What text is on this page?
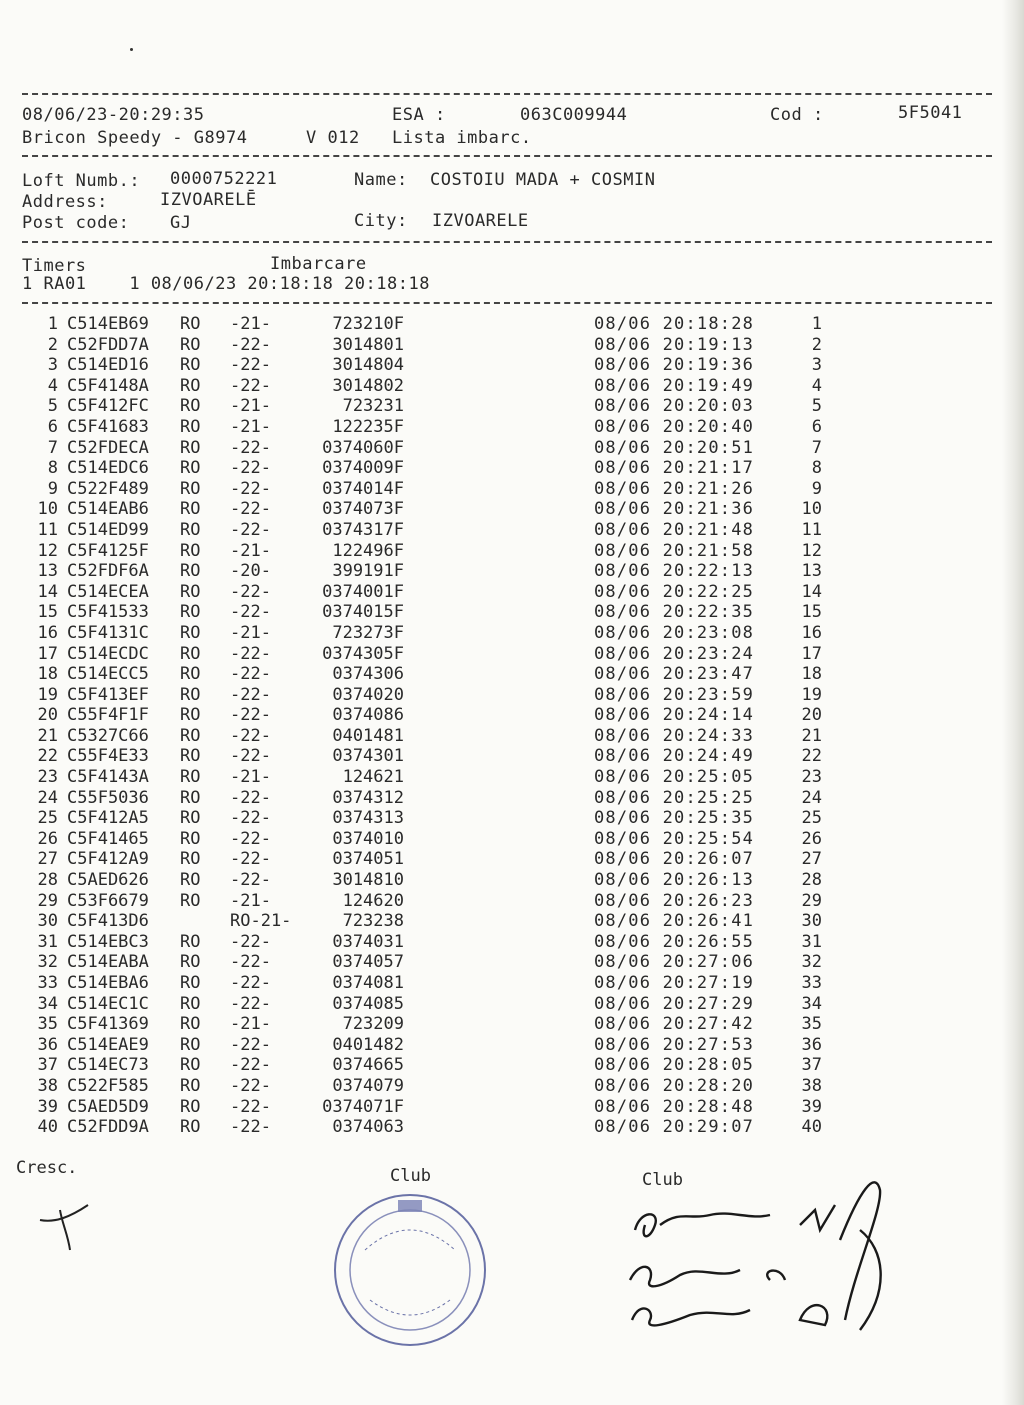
08/06/23-20:29:35	ESA :	063C009944	Cod :	5F5041
Bricon Speedy - G8974	V 012 Lista imbarc.
Loft Numb.: 0000752221	Name: COSTOIU MADA + COSMIN
Address:	IZVOARELĒ
Post code: GJ	City: IZVOARELE
Timers	Imbarcare
1 RA01    1 08/06/23 20:18:18 20:18:18
1 C514EB69 RO -21-	723210F	08/06 20:18:28	1
2 C52FDD7A RO -22-	3014801	08/06 20:19:13	2
3 C514ED16 RO -22-	3014804	08/06 20:19:36	3
4 C5F4148A RO -22-	3014802	08/06 20:19:49	4
5 C5F412FC RO -21-	723231	08/06 20:20:03	5
6 C5F41683 RO -21-	122235F	08/06 20:20:40	6
7 C52FDECA RO -22-	0374060F	08/06 20:20:51	7
8 C514EDC6 RO -22-	0374009F	08/06 20:21:17	8
9 C522F489 RO -22-	0374014F	08/06 20:21:26	9
10 C514EAB6 RO -22-	0374073F	08/06 20:21:36	10
11 C514ED99 RO -22-	0374317F	08/06 20:21:48	11
12 C5F4125F RO -21-	122496F	08/06 20:21:58	12
13 C52FDF6A RO -20-	399191F	08/06 20:22:13	13
14 C514ECEA RO -22-	0374001F	08/06 20:22:25	14
15 C5F41533 RO -22-	0374015F	08/06 20:22:35	15
16 C5F4131C RO -21-	723273F	08/06 20:23:08	16
17 C514ECDC RO -22-	0374305F	08/06 20:23:24	17
18 C514ECC5 RO -22-	0374306	08/06 20:23:47	18
19 C5F413EF RO -22-	0374020	08/06 20:23:59	19
20 C55F4F1F RO -22-	0374086	08/06 20:24:14	20
21 C5327C66 RO -22-	0401481	08/06 20:24:33	21
22 C55F4E33 RO -22-	0374301	08/06 20:24:49	22
23 C5F4143A RO -21-	124621	08/06 20:25:05	23
24 C55F5036 RO -22-	0374312	08/06 20:25:25	24
25 C5F412A5 RO -22-	0374313	08/06 20:25:35	25
26 C5F41465 RO -22-	0374010	08/06 20:25:54	26
27 C5F412A9 RO -22-	0374051	08/06 20:26:07	27
28 C5AED626 RO -22-	3014810	08/06 20:26:13	28
29 C53F6679 RO -21-	124620	08/06 20:26:23	29
30 C5F413D6	RO-21-	723238	08/06 20:26:41	30
31 C514EBC3 RO -22-	0374031	08/06 20:26:55	31
32 C514EABA RO -22-	0374057	08/06 20:27:06	32
33 C514EBA6 RO -22-	0374081	08/06 20:27:19	33
34 C514EC1C RO -22-	0374085	08/06 20:27:29	34
35 C5F41369 RO -21-	723209	08/06 20:27:42	35
36 C514EAE9 RO -22-	0401482	08/06 20:27:53	36
37 C514EC73 RO -22-	0374665	08/06 20:28:05	37
38 C522F585 RO -22-	0374079	08/06 20:28:20	38
39 C5AED5D9 RO -22-	0374071F	08/06 20:28:48	39
40 C52FDD9A RO -22-	0374063	08/06 20:29:07	40
Cresc.	Club	Club
